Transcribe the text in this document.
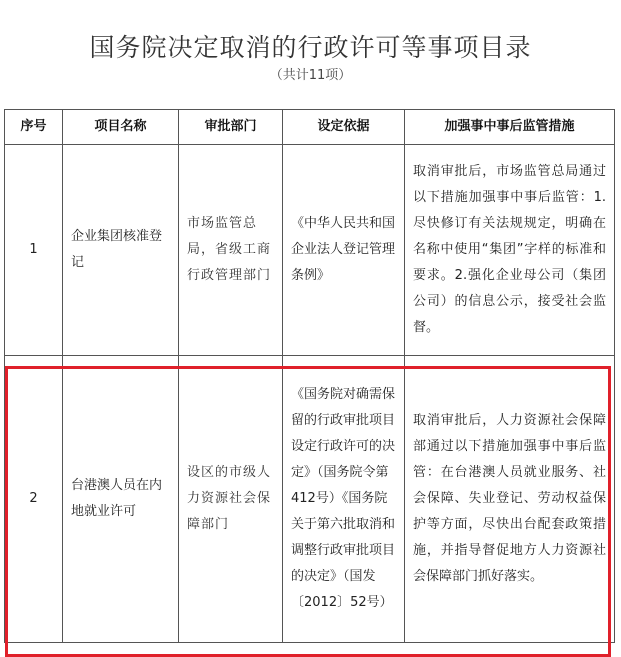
国务院决定取消的行政许可等事项目录
（共计11项）
序号	项目名称	审批部门	设定依据	加强事中事后监管措施
1	企业集团核准登记	市场监管总局，省级工商行政管理部门	《中华人民共和国企业法人登记管理条例》	取消审批后，市场监管总局通过以下措施加强事中事后监管：1.尽快修订有关法规规定，明确在名称中使用“集团”字样的标准和要求。2.强化企业母公司（集团公司）的信息公示，接受社会监督。
2	台港澳人员在内地就业许可	设区的市级人力资源社会保障部门	《国务院对确需保留的行政审批项目设定行政许可的决定》（国务院令第412号）《国务院关于第六批取消和调整行政审批项目的决定》（国发〔2012〕52号）	取消审批后，人力资源社会保障部通过以下措施加强事中事后监管：在台港澳人员就业服务、社会保障、失业登记、劳动权益保护等方面，尽快出台配套政策措施，并指导督促地方人力资源社会保障部门抓好落实。
